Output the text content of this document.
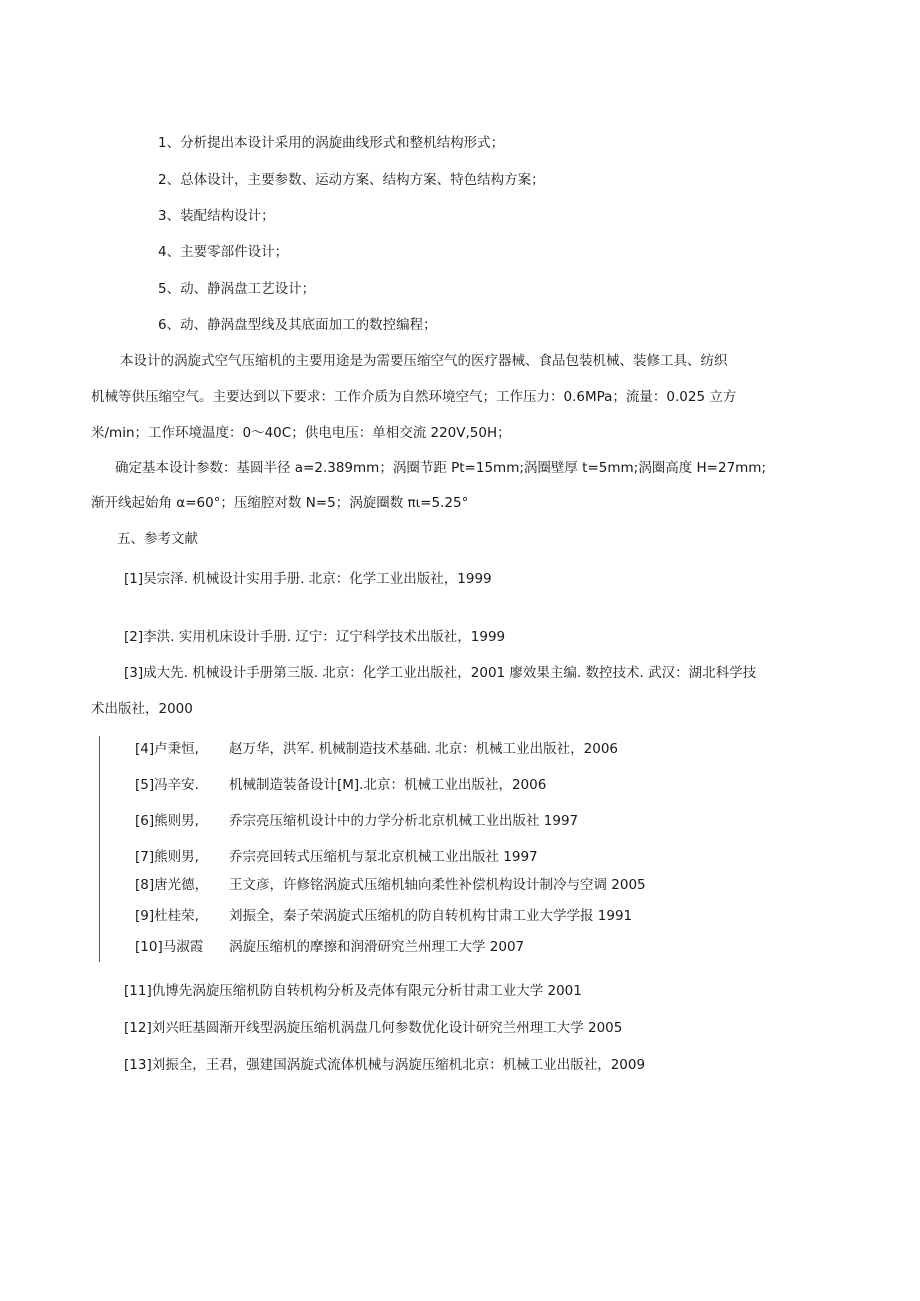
1、分析提出本设计采用的涡旋曲线形式和整机结构形式；
2、总体设计，主要参数、运动方案、结构方案、特色结构方案；
3、装配结构设计；
4、主要零部件设计；
5、动、静涡盘工艺设计；
6、动、静涡盘型线及其底面加工的数控编程；
本设计的涡旋式空气压缩机的主要用途是为需要压缩空气的医疗器械、食品包装机械、装修工具、纺织
机械等供压缩空气。主要达到以下要求：工作介质为自然环境空气；工作压力：0.6MPa；流量：0.025 立方
米/min；工作环境温度：0～40C；供电电压：单相交流 220V,50H；
确定基本设计参数：基圆半径 a=2.389mm；涡圈节距 Pt=15mm;涡圈壁厚 t=5mm;涡圈高度 H=27mm;
渐开线起始角 α=60°；压缩腔对数 N=5；涡旋圈数 πι=5.25°
五、参考文献
[1]吴宗泽. 机械设计实用手册. 北京：化学工业出版社，1999
[2]李洪. 实用机床设计手册. 辽宁：辽宁科学技术出版社，1999
[3]成大先. 机械设计手册第三版. 北京：化学工业出版社，2001 廖效果主编. 数控技术. 武汉：湖北科学技
术出版社，2000
[4]卢秉恒, 赵万华，洪军. 机械制造技术基础. 北京：机械工业出版社，2006
[5]冯辛安. 机械制造装备设计[M].北京：机械工业出版社，2006
[6]熊则男, 乔宗亮压缩机设计中的力学分析北京机械工业出版社 1997
[7]熊则男, 乔宗亮回转式压缩机与泵北京机械工业出版社 1997
[8]唐光德， 王文彦，许修铭涡旋式压缩机轴向柔性补偿机构设计制冷与空调 2005
[9]杜桂荣, 刘振全，秦子荣涡旋式压缩机的防自转机构甘肃工业大学学报 1991
[10]马淑霞 涡旋压缩机的摩擦和润滑研究兰州理工大学 2007
[11]仇博先涡旋压缩机防自转机构分析及壳体有限元分析甘肃工业大学 2001
[12]刘兴旺基圆渐开线型涡旋压缩机涡盘几何参数优化设计研究兰州理工大学 2005
[13]刘振全，王君，强建国涡旋式流体机械与涡旋压缩机北京：机械工业出版社，2009
